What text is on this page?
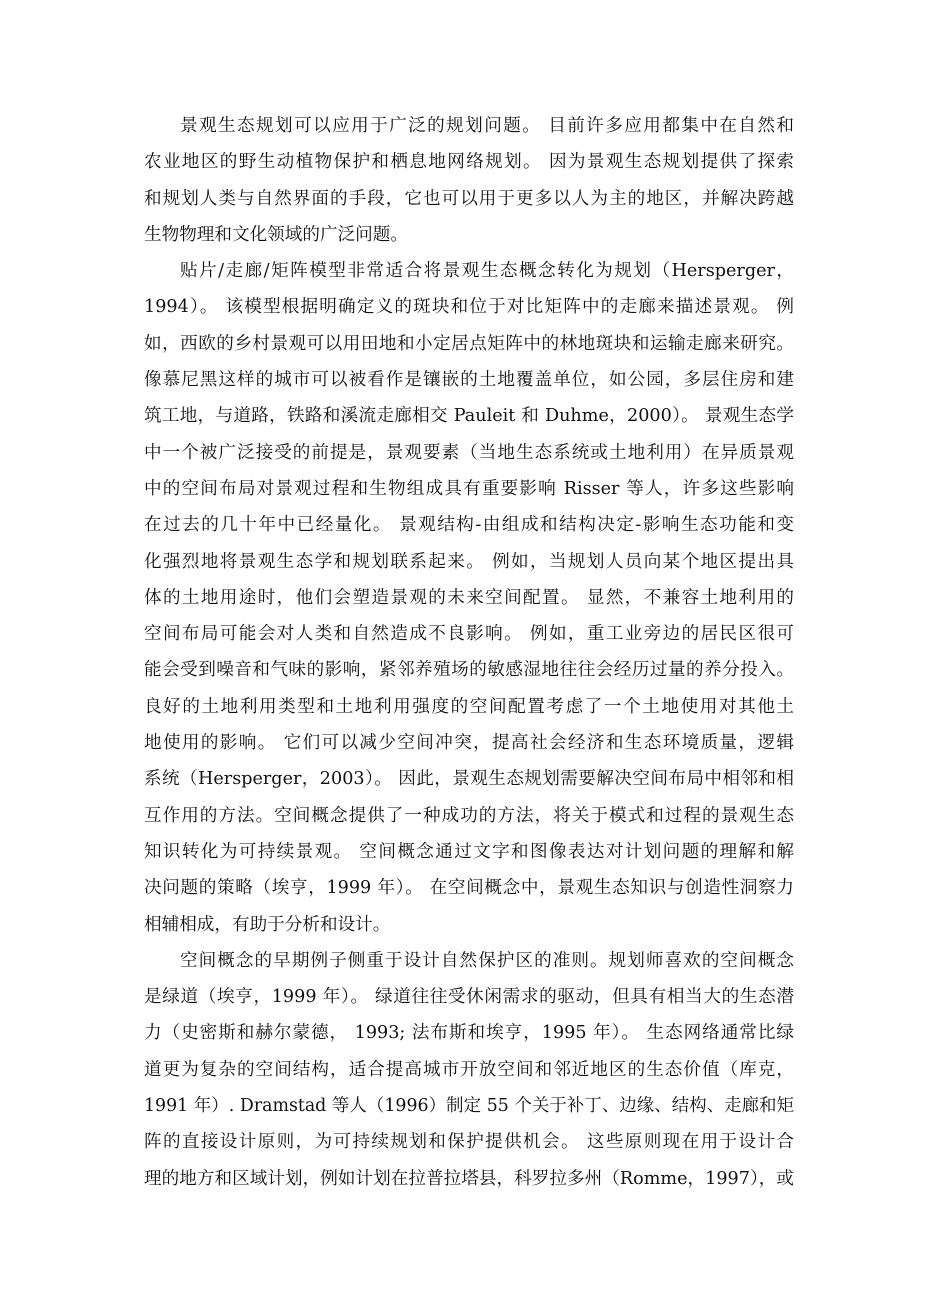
景观生态规划可以应用于广泛的规划问题。 目前许多应用都集中在自然和
农业地区的野生动植物保护和栖息地网络规划。 因为景观生态规划提供了探索
和规划人类与自然界面的手段，它也可以用于更多以人为主的地区，并解决跨越
生物物理和文化领域的广泛问题。
贴片/走廊/矩阵模型非常适合将景观生态概念转化为规划（Hersperger，
1994）。 该模型根据明确定义的斑块和位于对比矩阵中的走廊来描述景观。 例
如，西欧的乡村景观可以用田地和小定居点矩阵中的林地斑块和运输走廊来研究。
像慕尼黑这样的城市可以被看作是镶嵌的土地覆盖单位，如公园，多层住房和建
筑工地，与道路，铁路和溪流走廊相交 Pauleit 和 Duhme，2000）。 景观生态学
中一个被广泛接受的前提是，景观要素（当地生态系统或土地利用）在异质景观
中的空间布局对景观过程和生物组成具有重要影响 Risser 等人，许多这些影响
在过去的几十年中已经量化。 景观结构-由组成和结构决定-影响生态功能和变
化强烈地将景观生态学和规划联系起来。 例如，当规划人员向某个地区提出具
体的土地用途时，他们会塑造景观的未来空间配置。 显然，不兼容土地利用的
空间布局可能会对人类和自然造成不良影响。 例如，重工业旁边的居民区很可
能会受到噪音和气味的影响，紧邻养殖场的敏感湿地往往会经历过量的养分投入。
良好的土地利用类型和土地利用强度的空间配置考虑了一个土地使用对其他土
地使用的影响。 它们可以减少空间冲突，提高社会经济和生态环境质量，逻辑
系统（Hersperger，2003）。 因此，景观生态规划需要解决空间布局中相邻和相
互作用的方法。空间概念提供了一种成功的方法，将关于模式和过程的景观生态
知识转化为可持续景观。 空间概念通过文字和图像表达对计划问题的理解和解
决问题的策略（埃亨，1999 年）。 在空间概念中，景观生态知识与创造性洞察力
相辅相成，有助于分析和设计。
空间概念的早期例子侧重于设计自然保护区的准则。规划师喜欢的空间概念
是绿道（埃亨，1999 年）。 绿道往往受休闲需求的驱动，但具有相当大的生态潜
力（史密斯和赫尔蒙德， 1993; 法布斯和埃亨，1995 年）。 生态网络通常比绿
道更为复杂的空间结构，适合提高城市开放空间和邻近地区的生态价值（库克，
1991 年）. Dramstad 等人（1996）制定 55 个关于补丁、边缘、结构、走廊和矩
阵的直接设计原则，为可持续规划和保护提供机会。 这些原则现在用于设计合
理的地方和区域计划，例如计划在拉普拉塔县，科罗拉多州（Romme，1997），或
